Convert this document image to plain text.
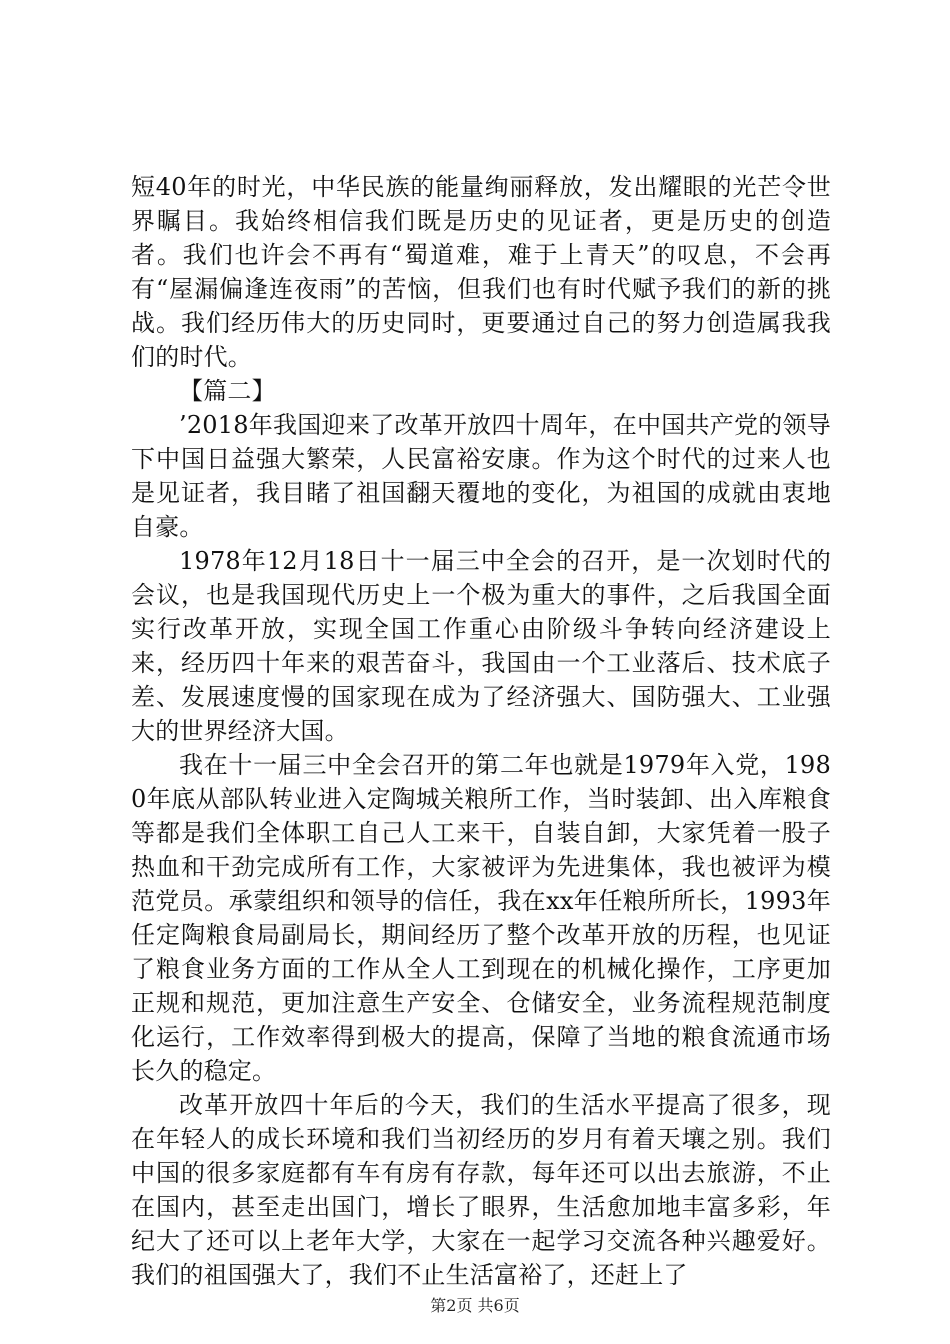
短40年的时光，中华民族的能量绚丽释放，发出耀眼的光芒令世界瞩目。我始终相信我们既是历史的见证者，更是历史的创造者。我们也许会不再有“蜀道难，难于上青天”的叹息，不会再有“屋漏偏逢连夜雨”的苦恼，但我们也有时代赋予我们的新的挑战。我们经历伟大的历史同时，更要通过自己的努力创造属我我们的时代。

【篇二】

’2018年我国迎来了改革开放四十周年，在中国共产党的领导下中国日益强大繁荣，人民富裕安康。作为这个时代的过来人也是见证者，我目睹了祖国翻天覆地的变化，为祖国的成就由衷地自豪。

1978年12月18日十一届三中全会的召开，是一次划时代的会议，也是我国现代历史上一个极为重大的事件，之后我国全面实行改革开放，实现全国工作重心由阶级斗争转向经济建设上来，经历四十年来的艰苦奋斗，我国由一个工业落后、技术底子差、发展速度慢的国家现在成为了经济强大、国防强大、工业强大的世界经济大国。

我在十一届三中全会召开的第二年也就是1979年入党，1980年底从部队转业进入定陶城关粮所工作，当时装卸、出入库粮食等都是我们全体职工自己人工来干，自装自卸，大家凭着一股子热血和干劲完成所有工作，大家被评为先进集体，我也被评为模范党员。承蒙组织和领导的信任，我在xx年任粮所所长，1993年任定陶粮食局副局长，期间经历了整个改革开放的历程，也见证了粮食业务方面的工作从全人工到现在的机械化操作，工序更加正规和规范，更加注意生产安全、仓储安全，业务流程规范制度化运行，工作效率得到极大的提高，保障了当地的粮食流通市场长久的稳定。

改革开放四十年后的今天，我们的生活水平提高了很多，现在年轻人的成长环境和我们当初经历的岁月有着天壤之别。我们中国的很多家庭都有车有房有存款，每年还可以出去旅游，不止在国内，甚至走出国门，增长了眼界，生活愈加地丰富多彩，年纪大了还可以上老年大学，大家在一起学习交流各种兴趣爱好。我们的祖国强大了，我们不止生活富裕了，还赶上了

第2页 共6页
